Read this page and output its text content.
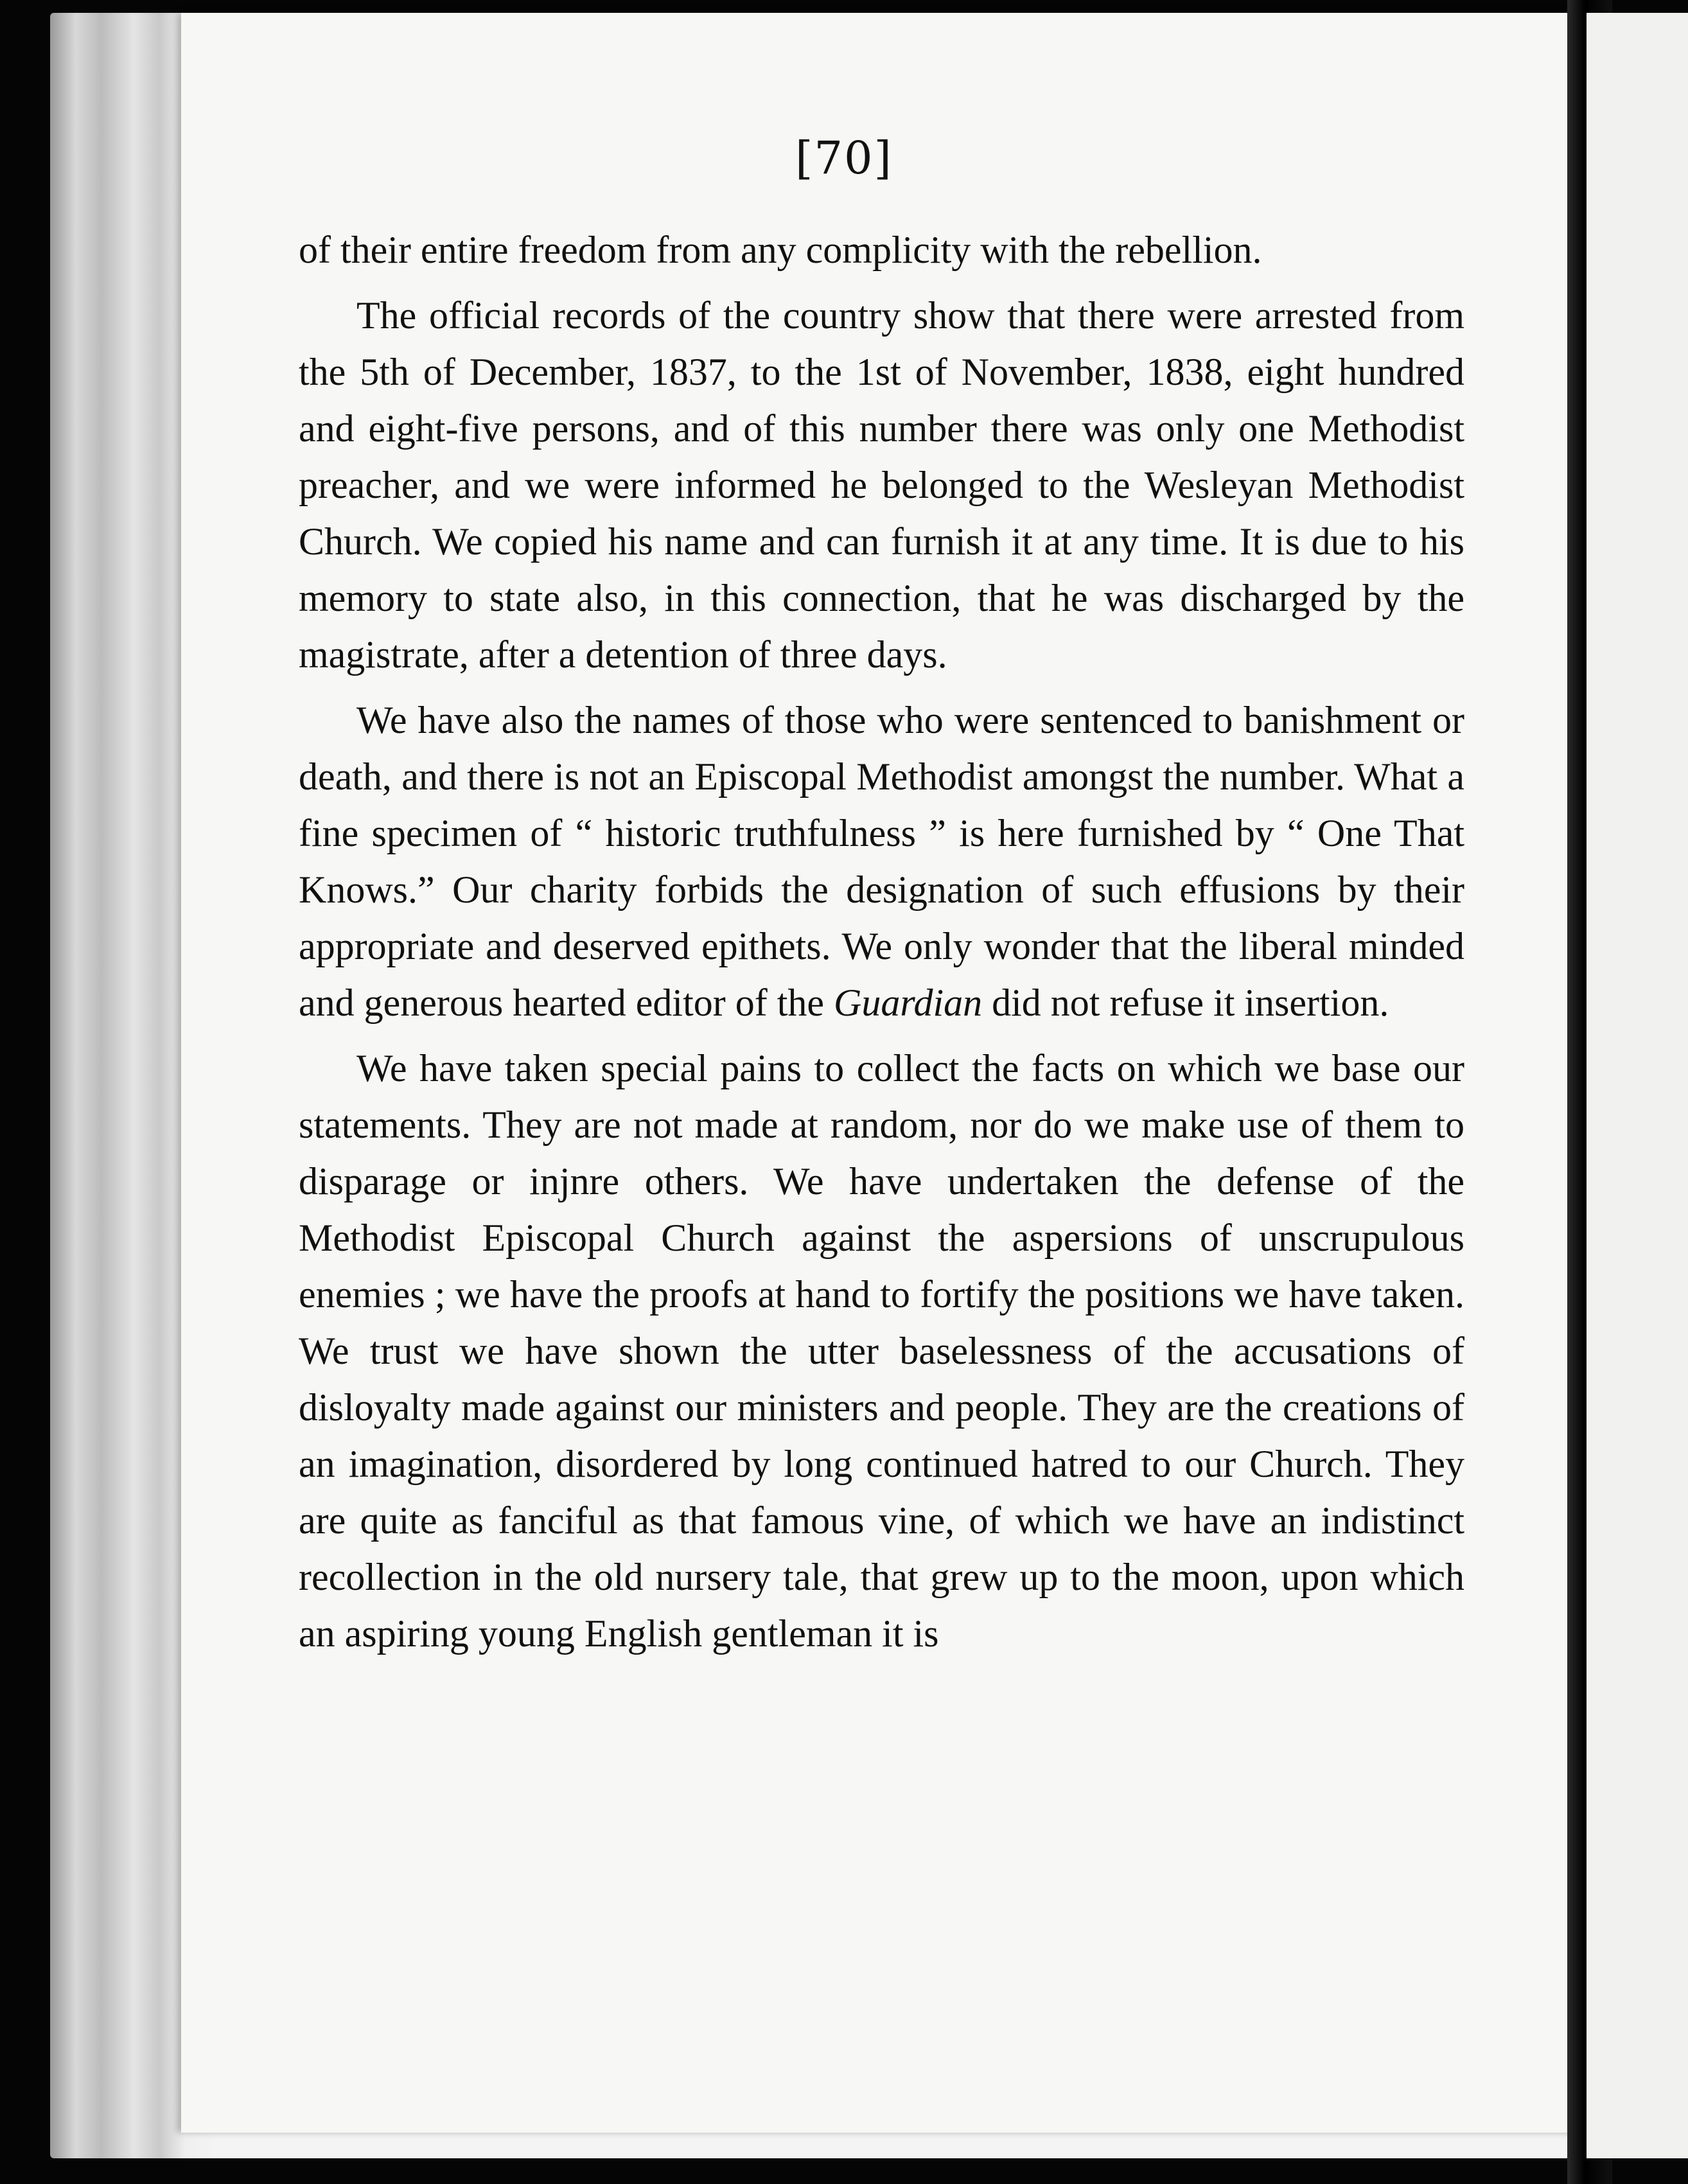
[70]

of their entire freedom from any complicity with the rebellion.

The official records of the country show that there were arrested from the 5th of December, 1837, to the 1st of November, 1838, eight hundred and eight-five persons, and of this number there was only one Methodist preacher, and we were informed he belonged to the Wesleyan Methodist Church. We copied his name and can furnish it at any time. It is due to his memory to state also, in this connection, that he was discharged by the magistrate, after a detention of three days.

We have also the names of those who were sentenced to banishment or death, and there is not an Episcopal Methodist amongst the number. What a fine specimen of “ historic truthfulness ” is here furnished by “ One That Knows.” Our charity forbids the designation of such effusions by their appropriate and deserved epithets. We only wonder that the liberal minded and generous hearted editor of the Guardian did not refuse it insertion.

We have taken special pains to collect the facts on which we base our statements. They are not made at random, nor do we make use of them to disparage or injnre others. We have undertaken the defense of the Methodist Episcopal Church against the aspersions of unscrupulous enemies ; we have the proofs at hand to fortify the positions we have taken. We trust we have shown the utter baselessness of the accusations of disloyalty made against our ministers and people. They are the creations of an imagination, disordered by long continued hatred to our Church. They are quite as fanciful as that famous vine, of which we have an indistinct recollection in the old nursery tale, that grew up to the moon, upon which an aspiring young English gentleman it is
